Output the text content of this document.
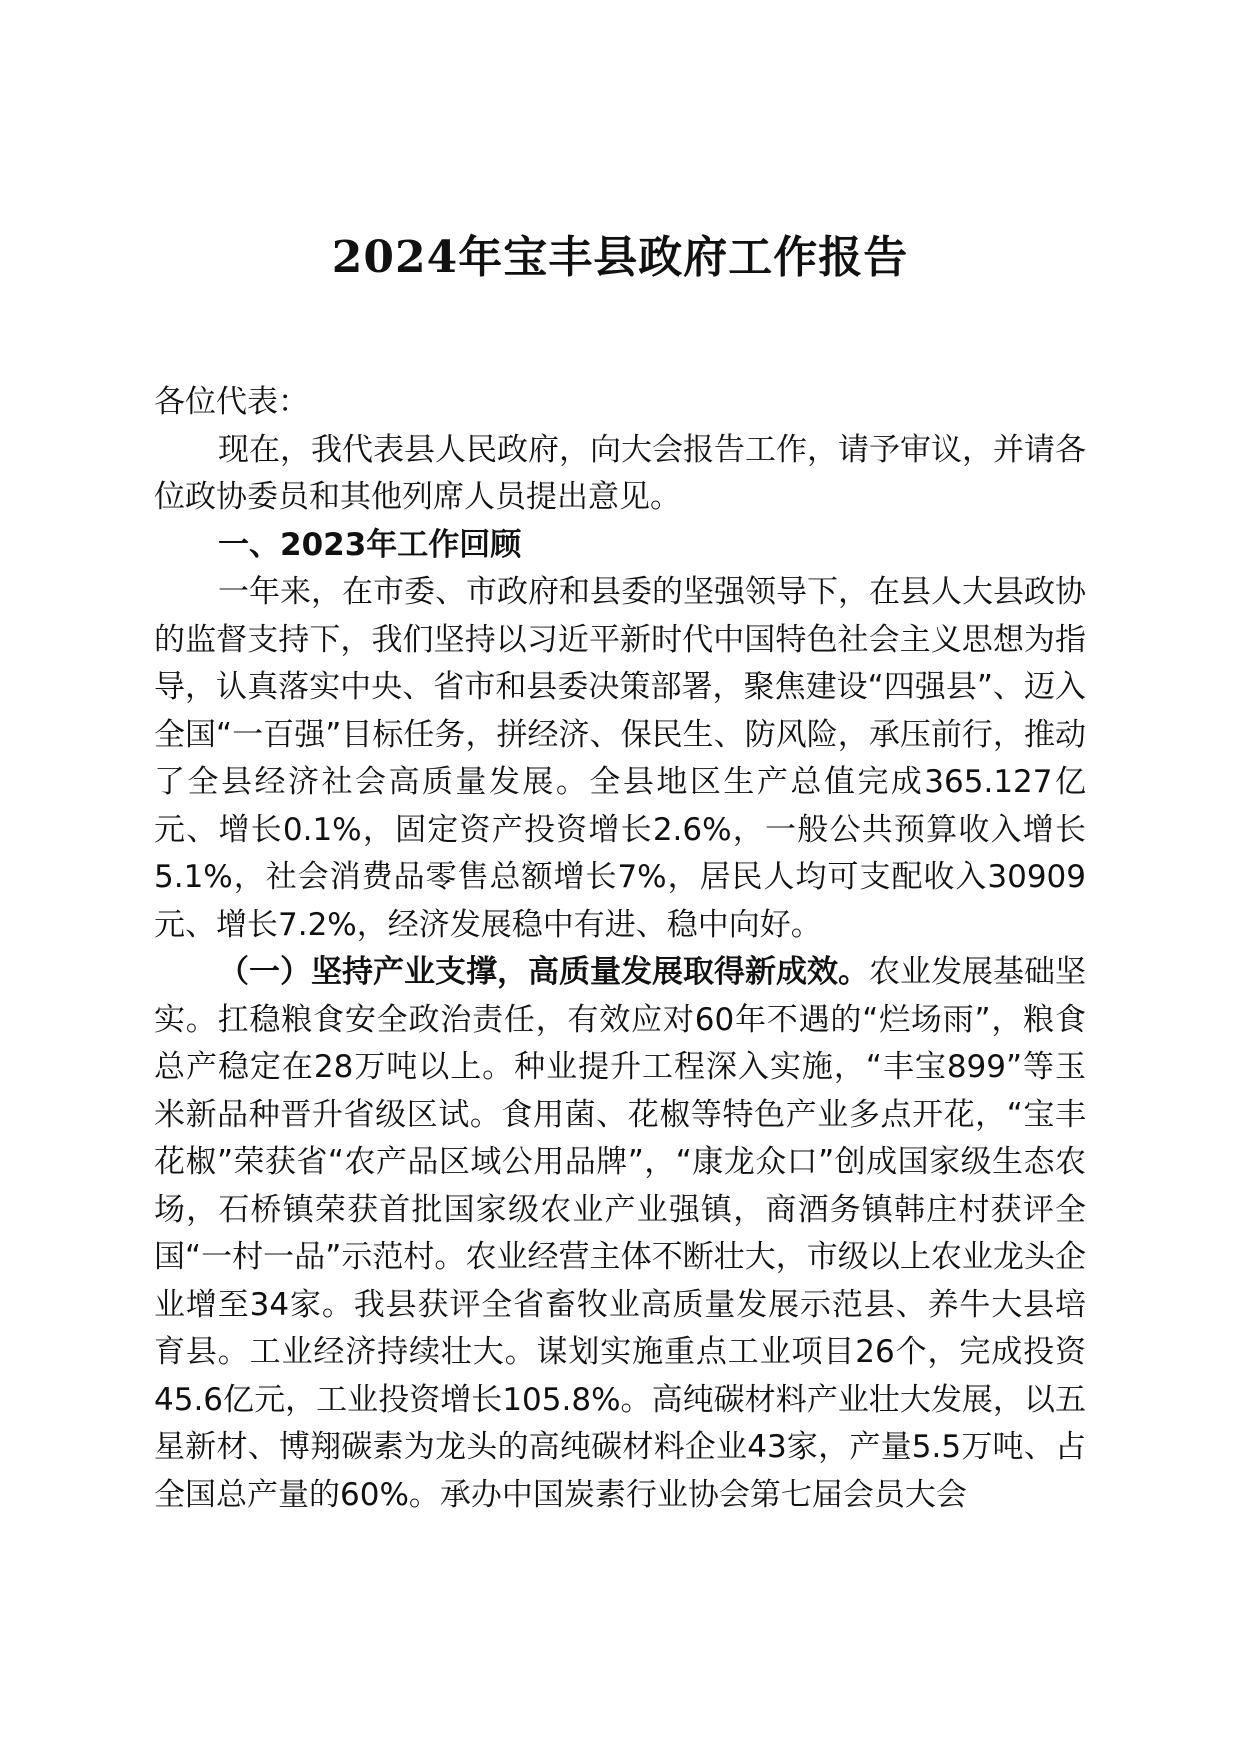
2024年宝丰县政府工作报告

各位代表：

现在，我代表县人民政府，向大会报告工作，请予审议，并请各位政协委员和其他列席人员提出意见。

一、2023年工作回顾

一年来，在市委、市政府和县委的坚强领导下，在县人大县政协的监督支持下，我们坚持以习近平新时代中国特色社会主义思想为指导，认真落实中央、省市和县委决策部署，聚焦建设“四强县”、迈入全国“一百强”目标任务，拼经济、保民生、防风险，承压前行，推动了全县经济社会高质量发展。全县地区生产总值完成365.127亿元、增长0.1%，固定资产投资增长2.6%，一般公共预算收入增长5.1%，社会消费品零售总额增长7%，居民人均可支配收入30909元、增长7.2%，经济发展稳中有进、稳中向好。

（一）坚持产业支撑，高质量发展取得新成效。农业发展基础坚实。扛稳粮食安全政治责任，有效应对60年不遇的“烂场雨”，粮食总产稳定在28万吨以上。种业提升工程深入实施，“丰宝899”等玉米新品种晋升省级区试。食用菌、花椒等特色产业多点开花，“宝丰花椒”荣获省“农产品区域公用品牌”，“康龙众口”创成国家级生态农场，石桥镇荣获首批国家级农业产业强镇，商酒务镇韩庄村获评全国“一村一品”示范村。农业经营主体不断壮大，市级以上农业龙头企业增至34家。我县获评全省畜牧业高质量发展示范县、养牛大县培育县。工业经济持续壮大。谋划实施重点工业项目26个，完成投资45.6亿元，工业投资增长105.8%。高纯碳材料产业壮大发展，以五星新材、博翔碳素为龙头的高纯碳材料企业43家，产量5.5万吨、占全国总产量的60%。承办中国炭素行业协会第七届会员大会
